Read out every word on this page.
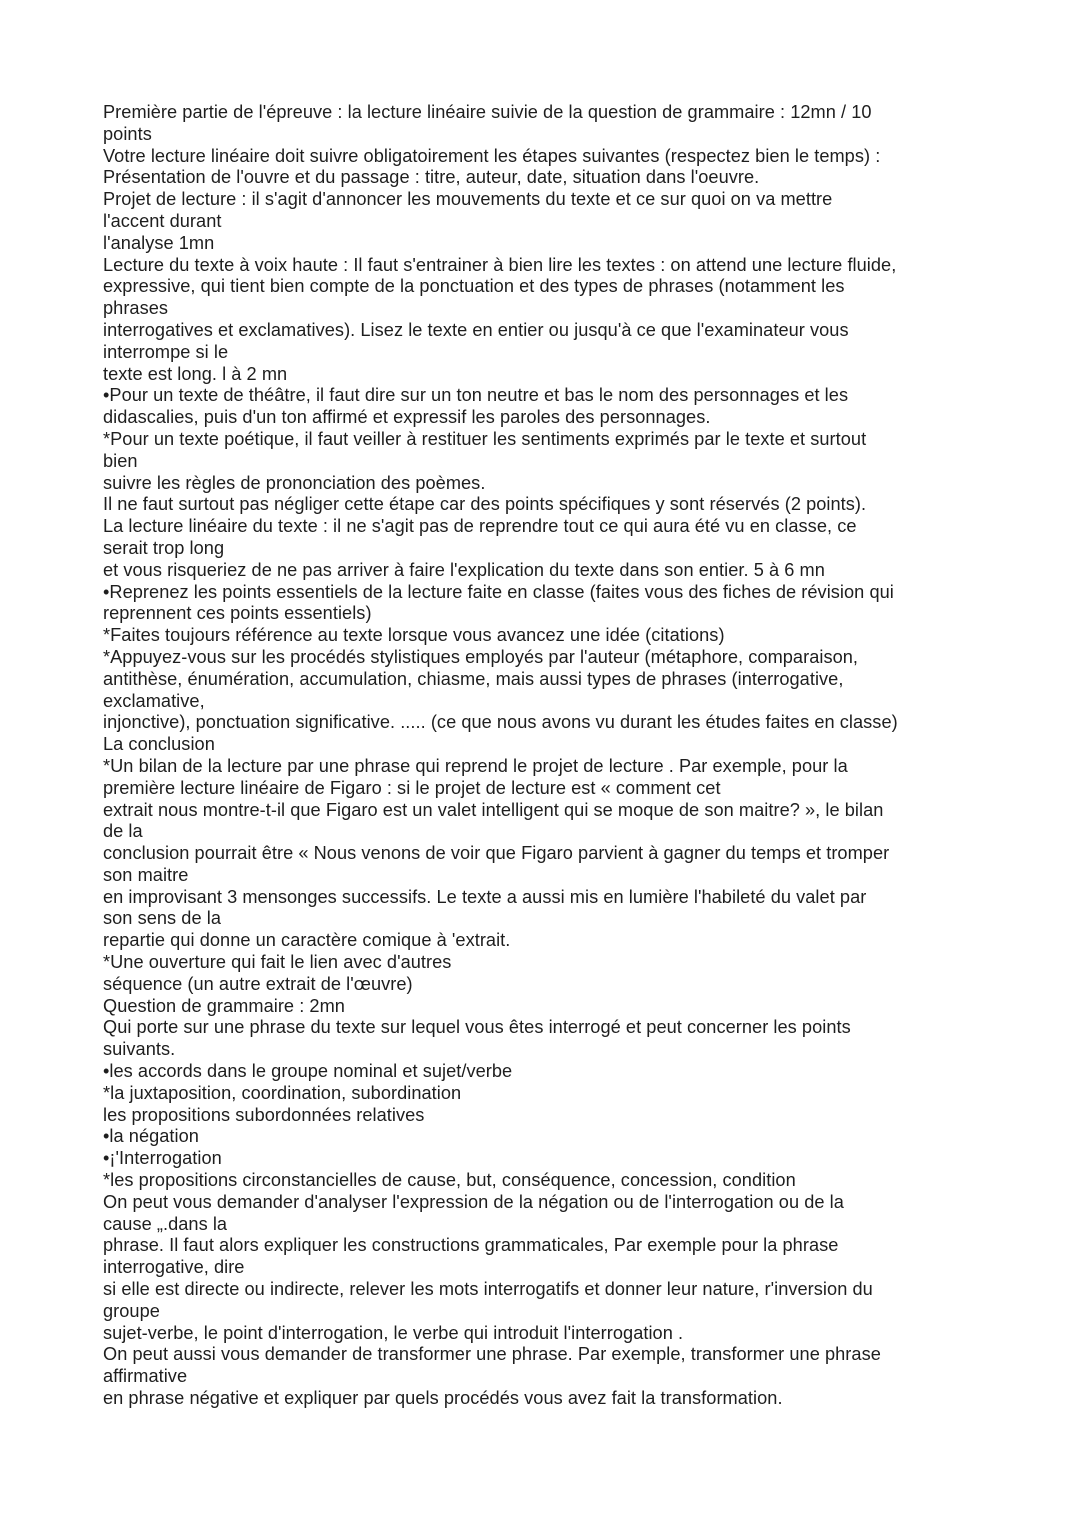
Première partie de l'épreuve : la lecture linéaire suivie de la question de grammaire : 12mn / 10
points
Votre lecture linéaire doit suivre obligatoirement les étapes suivantes (respectez bien le temps) :
Présentation de l'ouvre et du passage : titre, auteur, date, situation dans l'oeuvre.
Projet de lecture : il s'agit d'annoncer les mouvements du texte et ce sur quoi on va mettre
l'accent durant
l'analyse 1mn
Lecture du texte à voix haute : Il faut s'entrainer à bien lire les textes : on attend une lecture fluide,
expressive, qui tient bien compte de la ponctuation et des types de phrases (notamment les
phrases
interrogatives et exclamatives). Lisez le texte en entier ou jusqu'à ce que l'examinateur vous
interrompe si le
texte est long. l à 2 mn
•Pour un texte de théâtre, il faut dire sur un ton neutre et bas le nom des personnages et les
didascalies, puis d'un ton affirmé et expressif les paroles des personnages.
*Pour un texte poétique, il faut veiller à restituer les sentiments exprimés par le texte et surtout
bien
suivre les règles de prononciation des poèmes.
Il ne faut surtout pas négliger cette étape car des points spécifiques y sont réservés (2 points).
La lecture linéaire du texte : il ne s'agit pas de reprendre tout ce qui aura été vu en classe, ce
serait trop long
et vous risqueriez de ne pas arriver à faire l'explication du texte dans son entier. 5 à 6 mn
•Reprenez les points essentiels de la lecture faite en classe (faites vous des fiches de révision qui
reprennent ces points essentiels)
*Faites toujours référence au texte lorsque vous avancez une idée (citations)
*Appuyez-vous sur les procédés stylistiques employés par l'auteur (métaphore, comparaison,
antithèse, énumération, accumulation, chiasme, mais aussi types de phrases (interrogative,
exclamative,
injonctive), ponctuation significative. ..... (ce que nous avons vu durant les études faites en classe)
La conclusion
*Un bilan de la lecture par une phrase qui reprend le projet de lecture . Par exemple, pour la
première lecture linéaire de Figaro : si le projet de lecture est « comment cet
extrait nous montre-t-il que Figaro est un valet intelligent qui se moque de son maitre? », le bilan
de la
conclusion pourrait être « Nous venons de voir que Figaro parvient à gagner du temps et tromper
son maitre
en improvisant 3 mensonges successifs. Le texte a aussi mis en lumière l'habileté du valet par
son sens de la
repartie qui donne un caractère comique à 'extrait.
*Une ouverture qui fait le lien avec d'autres
séquence (un autre extrait de l'œuvre)
Question de grammaire : 2mn
Qui porte sur une phrase du texte sur lequel vous êtes interrogé et peut concerner les points
suivants.
•les accords dans le groupe nominal et sujet/verbe
*la juxtaposition, coordination, subordination
les propositions subordonnées relatives
•la négation
•¡'Interrogation
*les propositions circonstancielles de cause, but, conséquence, concession, condition
On peut vous demander d'analyser l'expression de la négation ou de l'interrogation ou de la
cause „.dans la
phrase. Il faut alors expliquer les constructions grammaticales, Par exemple pour la phrase
interrogative, dire
si elle est directe ou indirecte, relever les mots interrogatifs et donner leur nature, r'inversion du
groupe
sujet-verbe, le point d'interrogation, le verbe qui introduit l'interrogation .
On peut aussi vous demander de transformer une phrase. Par exemple, transformer une phrase
affirmative
en phrase négative et expliquer par quels procédés vous avez fait la transformation.
